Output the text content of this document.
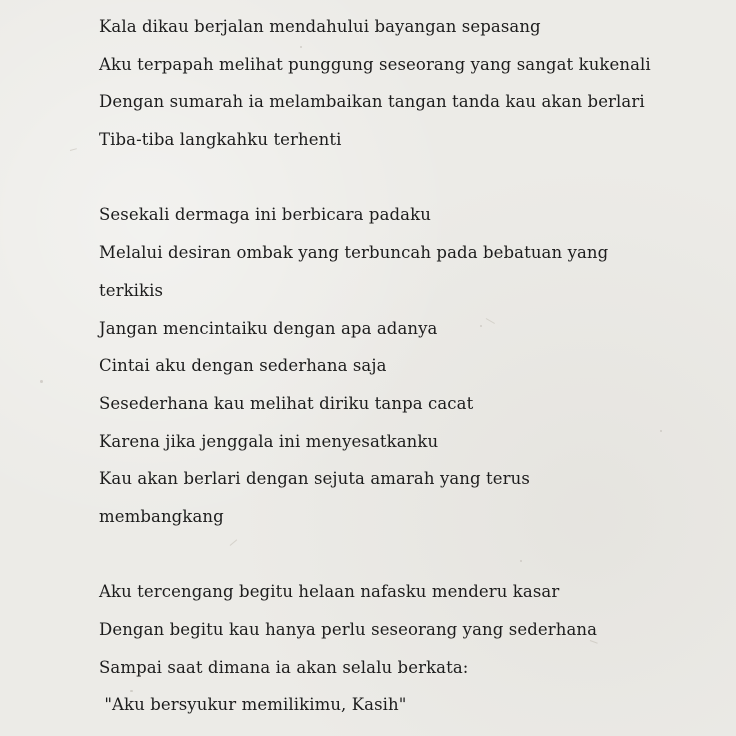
Kala dikau berjalan mendahului bayangan sepasang
Aku terpapah melihat punggung seseorang yang sangat kukenali
Dengan sumarah ia melambaikan tangan tanda kau akan berlari
Tiba-tiba langkahku terhenti
Sesekali dermaga ini berbicara padaku
Melalui desiran ombak yang terbuncah pada bebatuan yang
terkikis
Jangan mencintaiku dengan apa adanya
Cintai aku dengan sederhana saja
Sesederhana kau melihat diriku tanpa cacat
Karena jika jenggala ini menyesatkanku
Kau akan berlari dengan sejuta amarah yang terus
membangkang
Aku tercengang begitu helaan nafasku menderu kasar
Dengan begitu kau hanya perlu seseorang yang sederhana
Sampai saat dimana ia akan selalu berkata:
"Aku bersyukur memilikimu, Kasih"
